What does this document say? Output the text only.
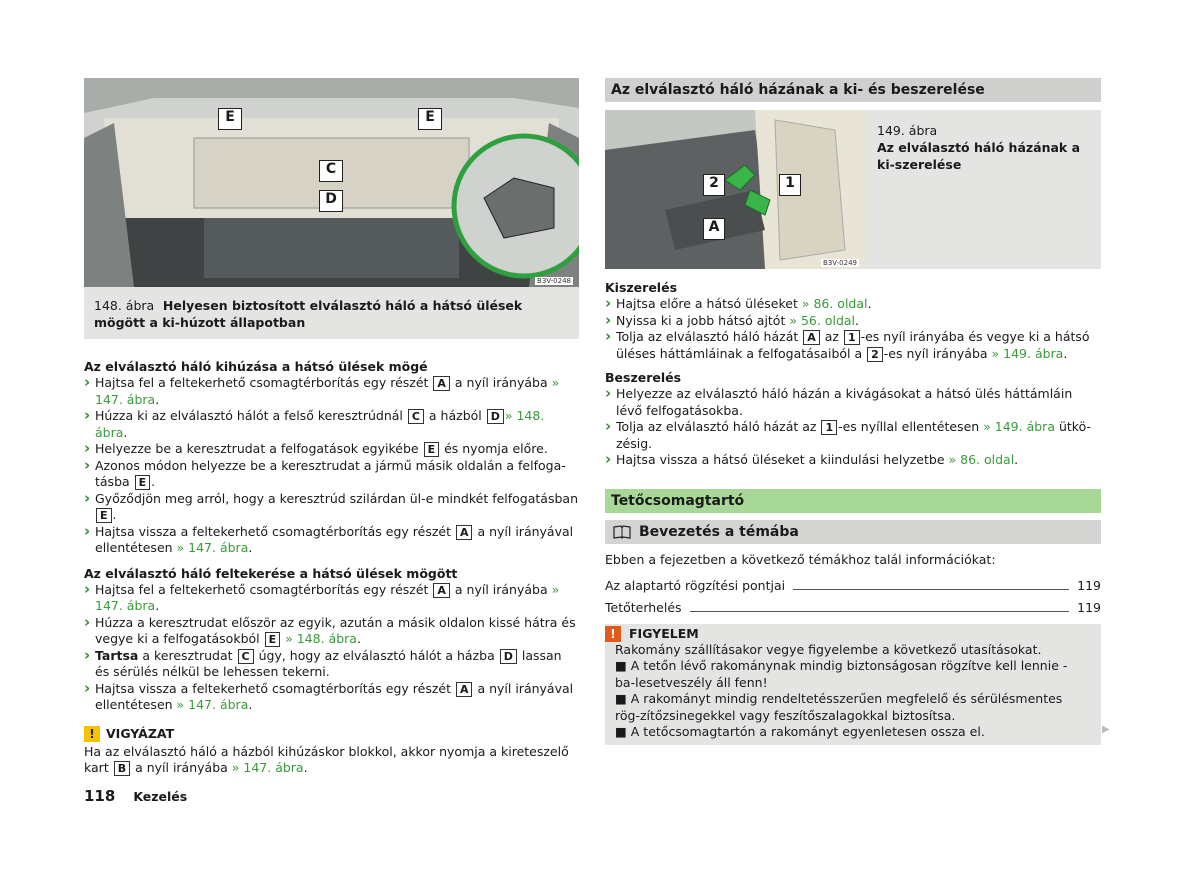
E	E
C
D
B3V-0248
148. ábra Helyesen biztosított elválasztó háló a hátsó ülések mögött a ki-húzott állapotban
Az elválasztó háló kihúzása a hátsó ülések mögé
› Hajtsa fel a feltekerhető csomagtérborítás egy részét A a nyíl irányába » 147. ábra.
› Húzza ki az elválasztó hálót a felső keresztrúdnál C a házból D » 148. ábra.
› Helyezze be a keresztrudat a felfogatások egyikébe E és nyomja előre.
› Azonos módon helyezze be a keresztrudat a jármű másik oldalán a felfoga-tásba E .
› Győződjön meg arról, hogy a keresztrúd szilárdan ül-e mindkét felfogatásban E .
› Hajtsa vissza a feltekerhető csomagtérborítás egy részét A a nyíl irányával ellentétesen » 147. ábra.
Az elválasztó háló feltekerése a hátsó ülések mögött
› Hajtsa fel a feltekerhető csomagtérborítás egy részét A a nyíl irányába » 147. ábra.
› Húzza a keresztrudat először az egyik, azután a másik oldalon kissé hátra és vegye ki a felfogatásokból E » 148. ábra.
› Tartsa a keresztrudat C úgy, hogy az elválasztó hálót a házba D lassan és sérülés nélkül be lehessen tekerni.
› Hajtsa vissza a feltekerhető csomagtérborítás egy részét A a nyíl irányával ellentétesen » 147. ábra.
! VIGYÁZAT
Ha az elválasztó háló a házból kihúzáskor blokkol, akkor nyomja a kireteszelő kart B a nyíl irányába » 147. ábra.
Az elválasztó háló házának a ki- és beszerelése
2	1
A
B3V-0249
149. ábra
Az elválasztó háló házának a ki-szerelése
Kiszerelés
› Hajtsa előre a hátsó üléseket » 86. oldal.
› Nyissa ki a jobb hátsó ajtót » 56. oldal.
› Tolja az elválasztó háló házát A az 1 -es nyíl irányába és vegye ki a hátsó üléses háttámláinak a felfogatásaiból a 2 -es nyíl irányába » 149. ábra.
Beszerelés
› Helyezze az elválasztó háló házán a kivágásokat a hátsó ülés háttámláin lévő felfogatásokba.
› Tolja az elválasztó háló házát az 1 -es nyíllal ellentétesen » 149. ábra ütkö-zésig.
› Hajtsa vissza a hátsó üléseket a kiindulási helyzetbe » 86. oldal.
Tetőcsomagtartó
Bevezetés a témába
Ebben a fejezetben a következő témákhoz talál információkat:
Az alaptartó rögzítési pontjai	119
Tetőterhelés	119
!	FIGYELEM
Rakomány szállításakor vegye figyelembe a következő utasításokat.
■ A tetőn lévő rakománynak mindig biztonságosan rögzítve kell lennie - ba-lesetveszély áll fenn!
■ A rakományt mindig rendeltetésszerűen megfelelő és sérülésmentes rög-zítőzsinegekkel vagy feszítőszalagokkal biztosítsa.
■ A tetőcsomagtartón a rakományt egyenletesen ossza el.	▶
118 Kezelés
